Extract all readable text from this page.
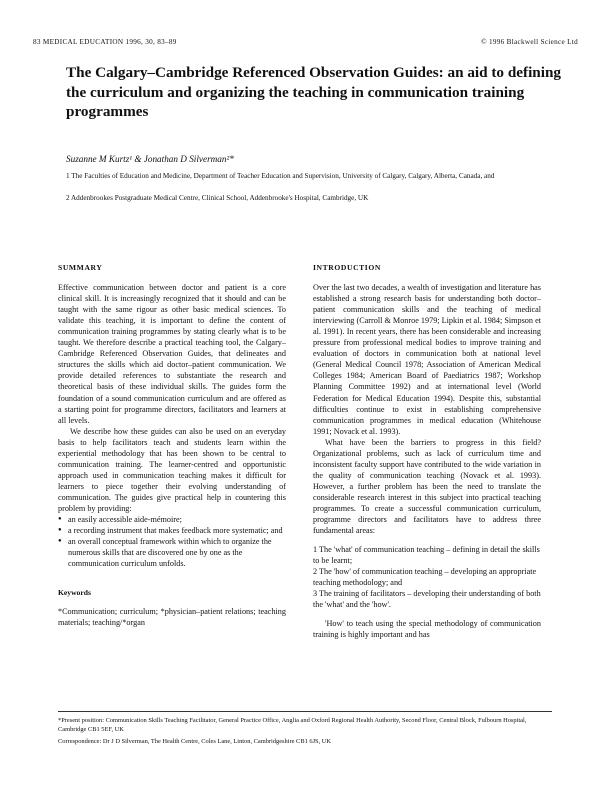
83 MEDICAL EDUCATION 1996, 30, 83–89	© 1996 Blackwell Science Ltd
The Calgary–Cambridge Referenced Observation Guides: an aid to defining the curriculum and organizing the teaching in communication training programmes
Suzanne M Kurtz¹ & Jonathan D Silverman²*
1 The Faculties of Education and Medicine, Department of Teacher Education and Supervision, University of Calgary, Calgary, Alberta, Canada, and
2 Addenbrookes Postgraduate Medical Centre, Clinical School, Addenbrooke's Hospital, Cambridge, UK
SUMMARY

Effective communication between doctor and patient is a core clinical skill. It is increasingly recognized that it should and can be taught with the same rigour as other basic medical sciences. To validate this teaching, it is important to define the content of communication training programmes by stating clearly what is to be taught. We therefore describe a practical teaching tool, the Calgary–Cambridge Referenced Observation Guides, that delineates and structures the skills which aid doctor–patient communication. We provide detailed references to substantiate the research and theoretical basis of these individual skills. The guides form the foundation of a sound communication curriculum and are offered as a starting point for programme directors, facilitators and learners at all levels.

We describe how these guides can also be used on an everyday basis to help facilitators teach and students learn within the experiential methodology that has been shown to be central to communication training. The learner-centred and opportunistic approach used in communication teaching makes it difficult for learners to piece together their evolving understanding of communication. The guides give practical help in countering this problem by providing:

● an easily accessible aide-mémoire;
● a recording instrument that makes feedback more systematic; and
● an overall conceptual framework within which to organize the numerous skills that are discovered one by one as the communication curriculum unfolds.
Keywords

*Communication; curriculum; *physician–patient relations; teaching materials; teaching/*organ

INTRODUCTION

Over the last two decades, a wealth of investigation and literature has established a strong research basis for understanding both doctor–patient communication skills and the teaching of medical interviewing (Carroll & Monroe 1979; Lipkin et al. 1984; Simpson et al. 1991). In recent years, there has been considerable and increasing pressure from professional medical bodies to improve training and evaluation of doctors in communication both at national level (General Medical Council 1978; Association of American Medical Colleges 1984; American Board of Paediatrics 1987; Workshop Planning Committee 1992) and at international level (World Federation for Medical Education 1994). Despite this, substantial difficulties continue to exist in establishing comprehensive communication programmes in medical education (Whitehouse 1991; Novack et al. 1993).

What have been the barriers to progress in this field? Organizational problems, such as lack of curriculum time and inconsistent faculty support have contributed to the wide variation in the quality of communication teaching (Novack et al. 1993). However, a further problem has been the need to translate the considerable research interest in this subject into practical teaching programmes. To create a successful communication curriculum, programme directors and facilitators have to address three fundamental areas:

1 The 'what' of communication teaching – defining in detail the skills to be learnt;
2 The 'how' of communication teaching – developing an appropriate teaching methodology; and
3 The training of facilitators – developing their understanding of both the 'what' and the 'how'.

'How' to teach using the special methodology of communication training is highly important and has

*Present position: Communication Skills Teaching Facilitator, General Practice Office, Anglia and Oxford Regional Health Authority, Second Floor, Central Block, Fulbourn Hospital, Cambridge CB1 5EF, UK
Correspondence: Dr J D Silverman, The Health Centre, Coles Lane, Linton, Cambridgeshire CB1 6JS, UK
